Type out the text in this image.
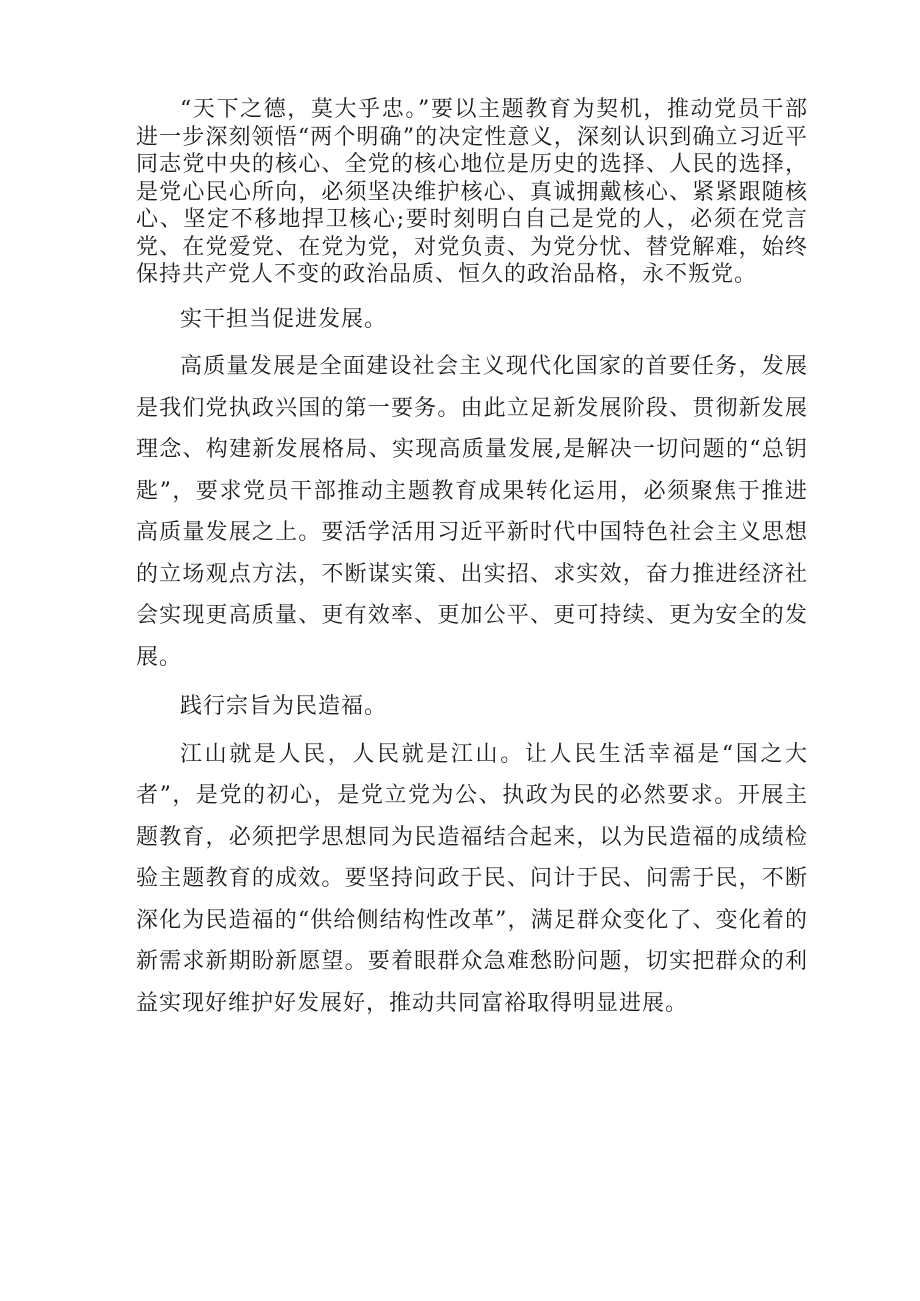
“天下之德，莫大乎忠。”要以主题教育为契机，推动党员干部进一步深刻领悟“两个明确”的决定性意义，深刻认识到确立习近平同志党中央的核心、全党的核心地位是历史的选择、人民的选择，是党心民心所向，必须坚决维护核心、真诚拥戴核心、紧紧跟随核心、坚定不移地捍卫核心;要时刻明白自己是党的人，必须在党言党、在党爱党、在党为党，对党负责、为党分忧、替党解难，始终保持共产党人不变的政治品质、恒久的政治品格，永不叛党。

实干担当促进发展。

高质量发展是全面建设社会主义现代化国家的首要任务，发展是我们党执政兴国的第一要务。由此立足新发展阶段、贯彻新发展理念、构建新发展格局、实现高质量发展,是解决一切问题的“总钥匙”，要求党员干部推动主题教育成果转化运用，必须聚焦于推进高质量发展之上。要活学活用习近平新时代中国特色社会主义思想的立场观点方法，不断谋实策、出实招、求实效，奋力推进经济社会实现更高质量、更有效率、更加公平、更可持续、更为安全的发展。

践行宗旨为民造福。

江山就是人民，人民就是江山。让人民生活幸福是“国之大者”，是党的初心，是党立党为公、执政为民的必然要求。开展主题教育，必须把学思想同为民造福结合起来，以为民造福的成绩检验主题教育的成效。要坚持问政于民、问计于民、问需于民，不断深化为民造福的“供给侧结构性改革”，满足群众变化了、变化着的新需求新期盼新愿望。要着眼群众急难愁盼问题，切实把群众的利益实现好维护好发展好，推动共同富裕取得明显进展。
